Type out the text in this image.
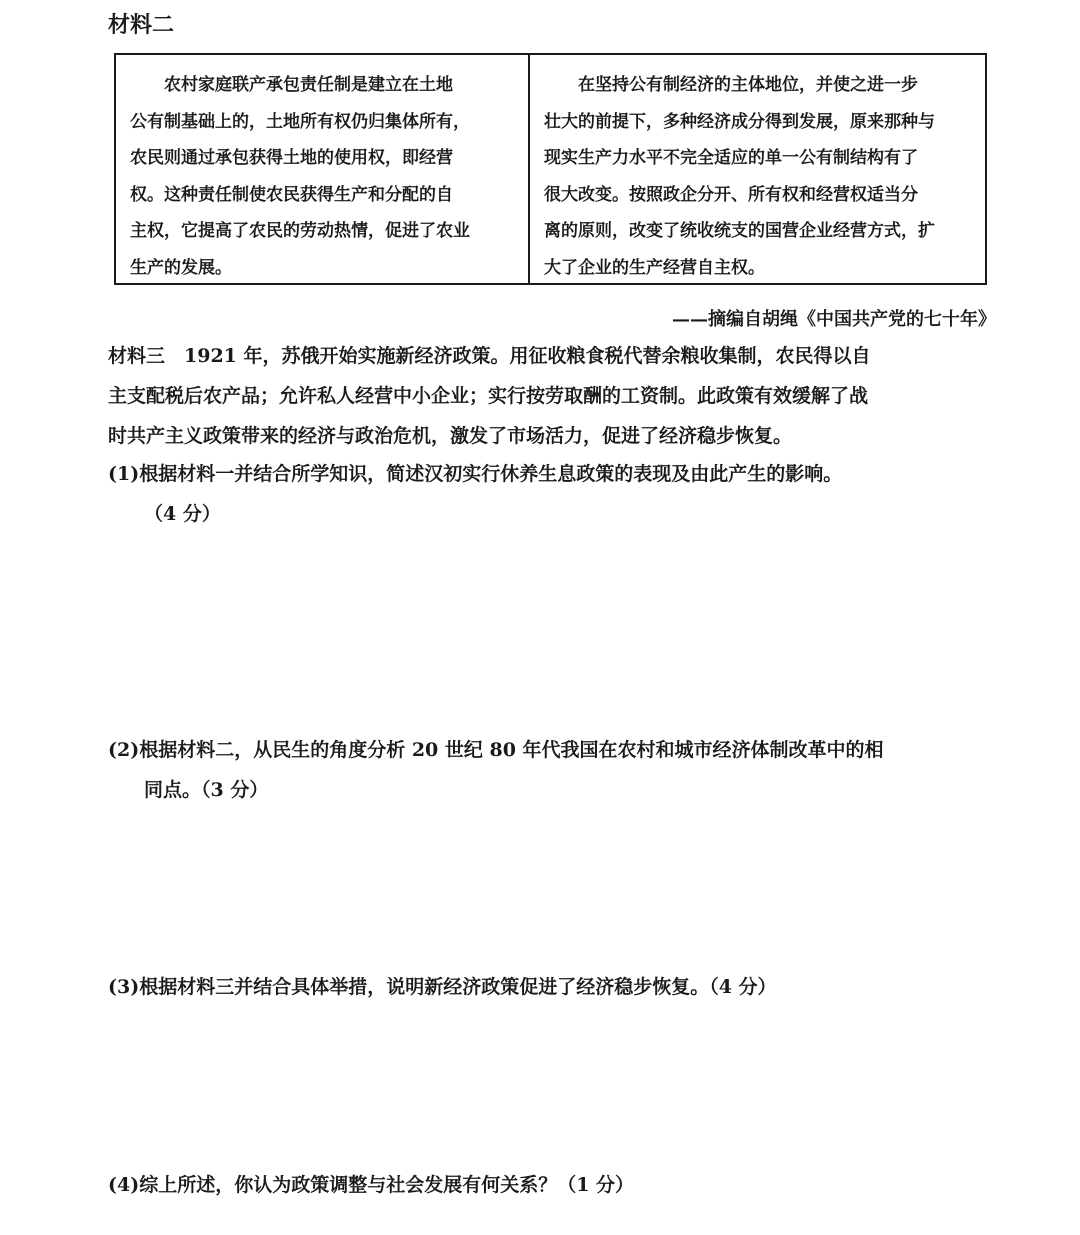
材料二
　　农村家庭联产承包责任制是建立在土地
公有制基础上的，土地所有权仍归集体所有，
农民则通过承包获得土地的使用权，即经营
权。这种责任制使农民获得生产和分配的自
主权，它提高了农民的劳动热情，促进了农业
生产的发展。
　　在坚持公有制经济的主体地位，并使之进一步
壮大的前提下，多种经济成分得到发展，原来那种与
现实生产力水平不完全适应的单一公有制结构有了
很大改变。按照政企分开、所有权和经营权适当分
离的原则，改变了统收统支的国营企业经营方式，扩
大了企业的生产经营自主权。
——摘编自胡绳《中国共产党的七十年》
材料三　1921 年，苏俄开始实施新经济政策。用征收粮食税代替余粮收集制，农民得以自
主支配税后农产品；允许私人经营中小企业；实行按劳取酬的工资制。此政策有效缓解了战
时共产主义政策带来的经济与政治危机，激发了市场活力，促进了经济稳步恢复。
(1)根据材料一并结合所学知识，简述汉初实行休养生息政策的表现及由此产生的影响。
（4 分）
(2)根据材料二，从民生的角度分析 20 世纪 80 年代我国在农村和城市经济体制改革中的相
同点。（3 分）
(3)根据材料三并结合具体举措，说明新经济政策促进了经济稳步恢复。（4 分）
(4)综上所述，你认为政策调整与社会发展有何关系？（1 分）
